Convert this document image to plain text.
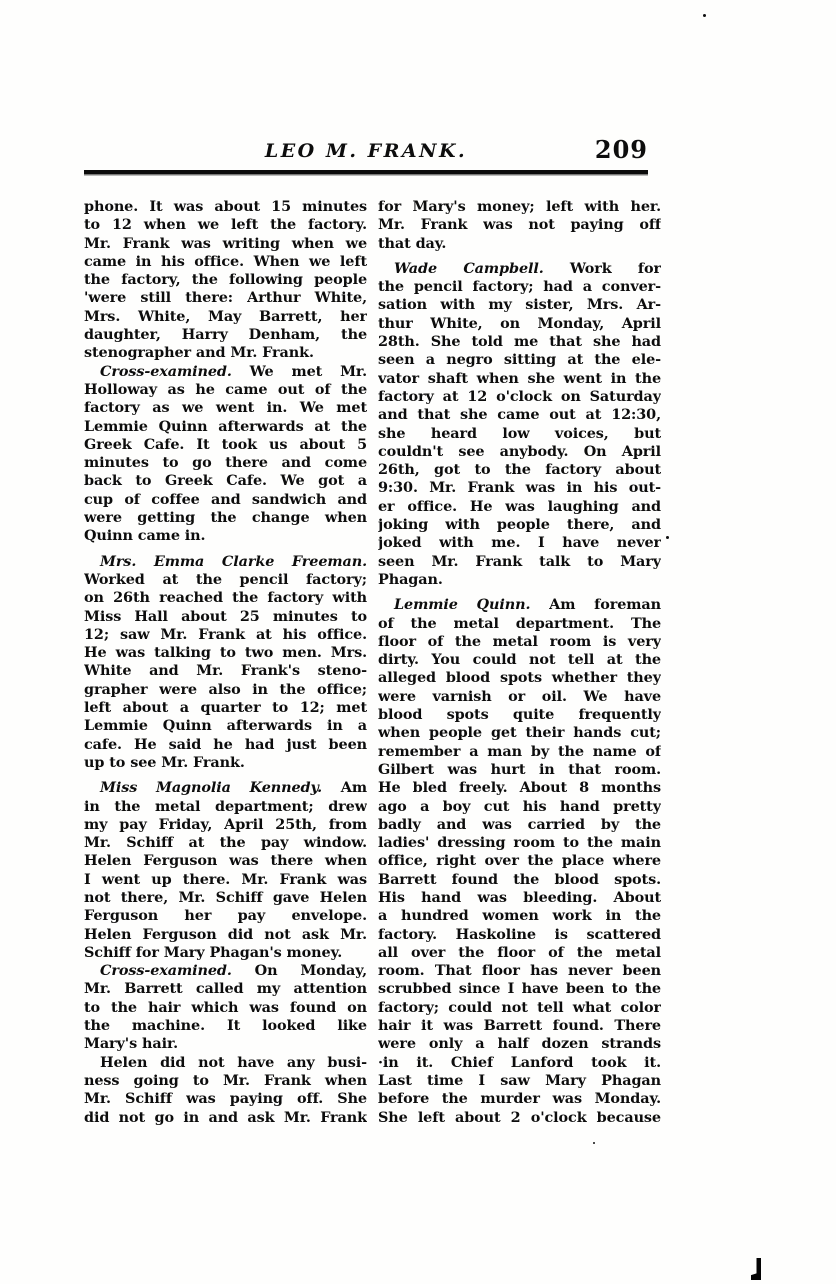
LEO M. FRANK.	209
phone. It was about 15 minutes
to 12 when we left the factory.
Mr. Frank was writing when we
came in his office. When we left
the factory, the following people
'were still there: Arthur White,
Mrs. White, May Barrett, her
daughter, Harry Denham, the
stenographer and Mr. Frank.
Cross-examined. We met Mr.
Holloway as he came out of the
factory as we went in. We met
Lemmie Quinn afterwards at the
Greek Cafe. It took us about 5
minutes to go there and come
back to Greek Cafe. We got a
cup of coffee and sandwich and
were getting the change when
Quinn came in.
Mrs. Emma Clarke Freeman.
Worked at the pencil factory;
on 26th reached the factory with
Miss Hall about 25 minutes to
12; saw Mr. Frank at his office.
He was talking to two men. Mrs.
White and Mr. Frank's steno-
grapher were also in the office;
left about a quarter to 12; met
Lemmie Quinn afterwards in a
cafe. He said he had just been
up to see Mr. Frank.
Miss Magnolia Kennedy. Am
in the metal department; drew
my pay Friday, April 25th, from
Mr. Schiff at the pay window.
Helen Ferguson was there when
I went up there. Mr. Frank was
not there, Mr. Schiff gave Helen
Ferguson her pay envelope.
Helen Ferguson did not ask Mr.
Schiff for Mary Phagan's money.
Cross-examined. On Monday,
Mr. Barrett called my attention
to the hair which was found on
the machine. It looked like
Mary's hair.
Helen did not have any busi-
ness going to Mr. Frank when
Mr. Schiff was paying off. She
did not go in and ask Mr. Frank
for Mary's money; left with her.
Mr. Frank was not paying off
that day.
Wade Campbell. Work for
the pencil factory; had a conver-
sation with my sister, Mrs. Ar-
thur White, on Monday, April
28th. She told me that she had
seen a negro sitting at the ele-
vator shaft when she went in the
factory at 12 o'clock on Saturday
and that she came out at 12:30,
she heard low voices, but
couldn't see anybody. On April
26th, got to the factory about
9:30. Mr. Frank was in his out-
er office. He was laughing and
joking with people there, and
joked with me. I have never
seen Mr. Frank talk to Mary
Phagan.
Lemmie Quinn. Am foreman
of the metal department. The
floor of the metal room is very
dirty. You could not tell at the
alleged blood spots whether they
were varnish or oil. We have
blood spots quite frequently
when people get their hands cut;
remember a man by the name of
Gilbert was hurt in that room.
He bled freely. About 8 months
ago a boy cut his hand pretty
badly and was carried by the
ladies' dressing room to the main
office, right over the place where
Barrett found the blood spots.
His hand was bleeding. About
a hundred women work in the
factory. Haskoline is scattered
all over the floor of the metal
room. That floor has never been
scrubbed since I have been to the
factory; could not tell what color
hair it was Barrett found. There
were only a half dozen strands
·in it. Chief Lanford took it.
Last time I saw Mary Phagan
before the murder was Monday.
She left about 2 o'clock because
